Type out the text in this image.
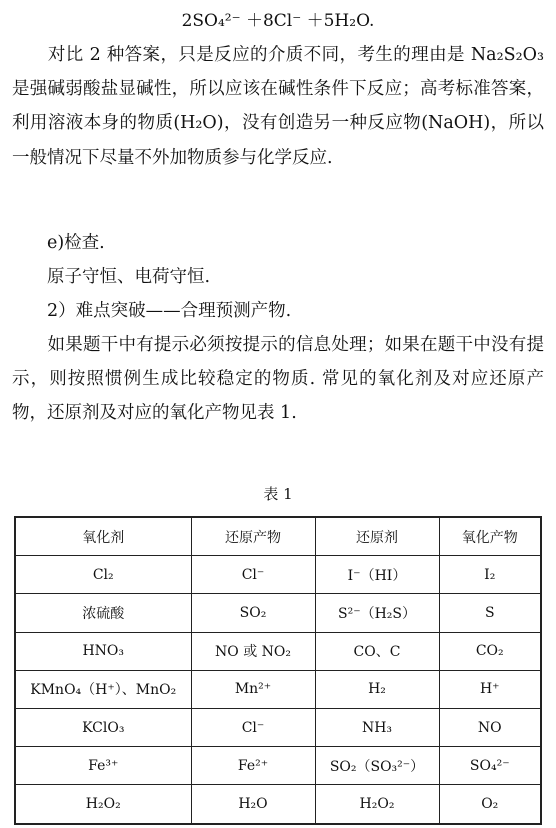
2SO₄²⁻ ＋8Cl⁻ ＋5H₂O.

　　对比 2 种答案，只是反应的介质不同，考生的理由是 Na₂S₂O₃ 是强碱弱酸盐显碱性，所以应该在碱性条件下反应；高考标准答案，利用溶液本身的物质(H₂O)，没有创造另一种反应物(NaOH)，所以一般情况下尽量不外加物质参与化学反应.

　　e)检查.

　　原子守恒、电荷守恒.

　　2）难点突破——合理预测产物.

　　如果题干中有提示必须按提示的信息处理；如果在题干中没有提示，则按照惯例生成比较稳定的物质. 常见的氧化剂及对应还原产物，还原剂及对应的氧化产物见表 1.

表 1
氧化剂	还原产物	还原剂	氧化产物
Cl₂	Cl⁻	I⁻（HI）	I₂
浓硫酸	SO₂	S²⁻（H₂S）	S
HNO₃	NO 或 NO₂	CO、C	CO₂
KMnO₄（H⁺）、MnO₂	Mn²⁺	H₂	H⁺
KClO₃	Cl⁻	NH₃	NO
Fe³⁺	Fe²⁺	SO₂（SO₃²⁻）	SO₄²⁻
H₂O₂	H₂O	H₂O₂	O₂
